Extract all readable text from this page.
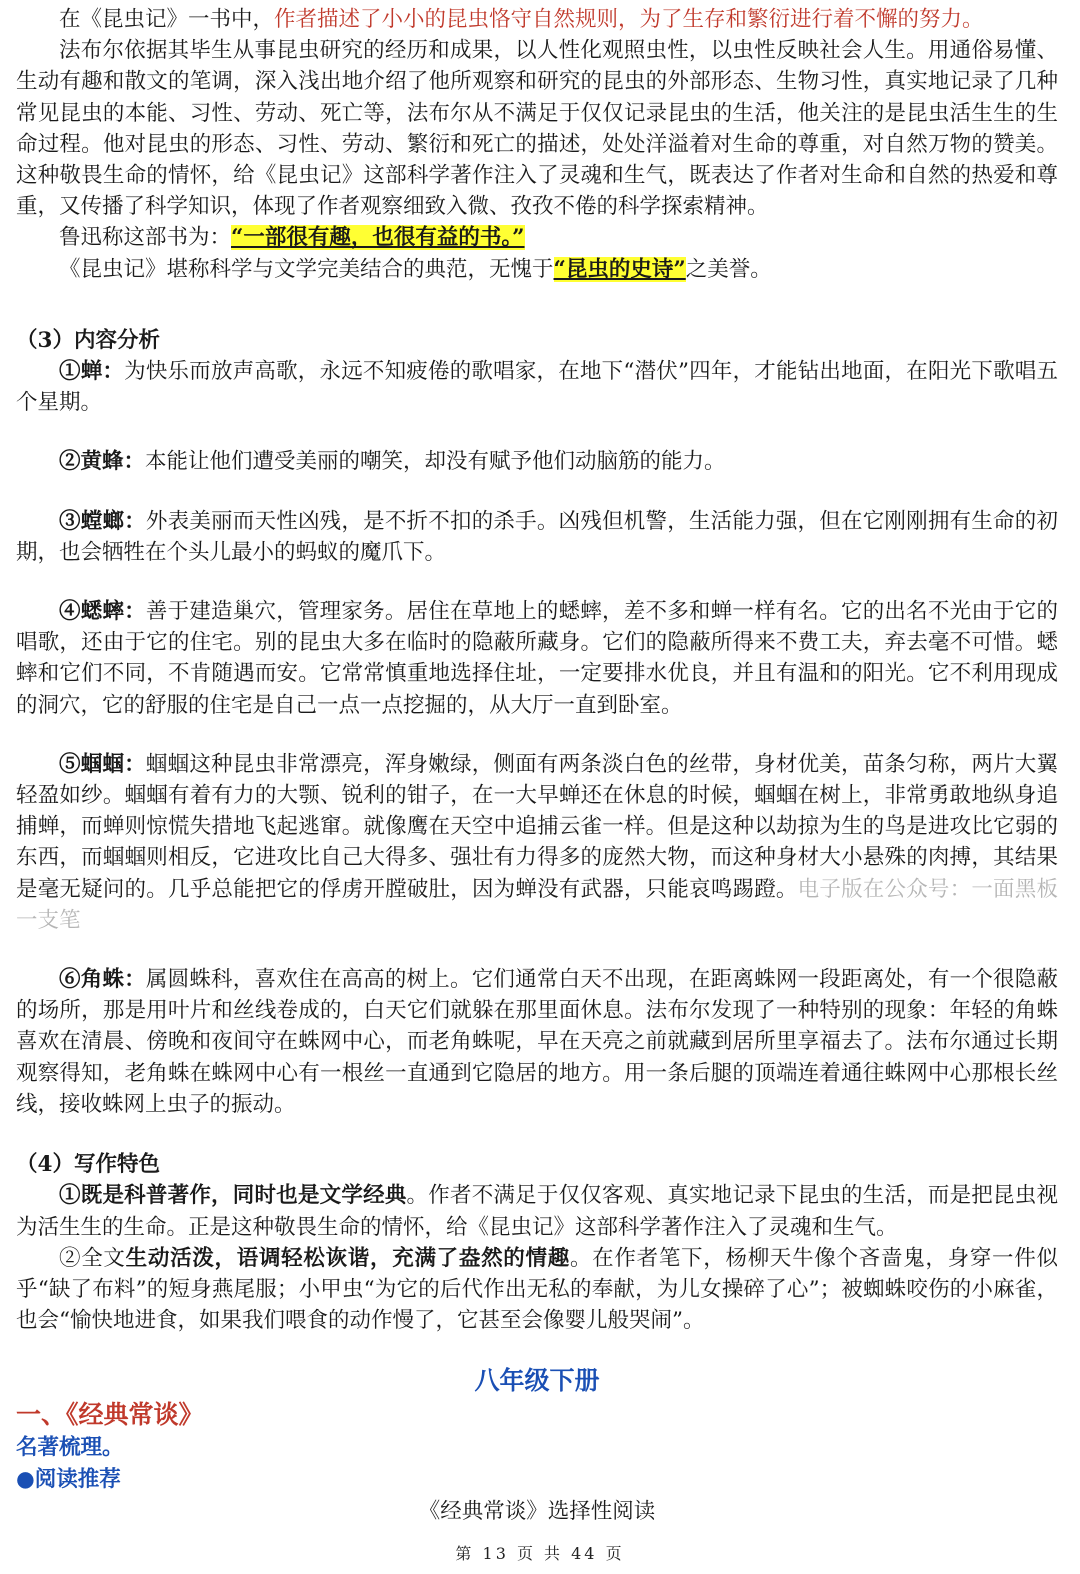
在《昆虫记》一书中，作者描述了小小的昆虫恪守自然规则，为了生存和繁衍进行着不懈的努力。

法布尔依据其毕生从事昆虫研究的经历和成果，以人性化观照虫性，以虫性反映社会人生。用通俗易懂、生动有趣和散文的笔调，深入浅出地介绍了他所观察和研究的昆虫的外部形态、生物习性，真实地记录了几种常见昆虫的本能、习性、劳动、死亡等，法布尔从不满足于仅仅记录昆虫的生活，他关注的是昆虫活生生的生命过程。他对昆虫的形态、习性、劳动、繁衍和死亡的描述，处处洋溢着对生命的尊重，对自然万物的赞美。这种敬畏生命的情怀，给《昆虫记》这部科学著作注入了灵魂和生气，既表达了作者对生命和自然的热爱和尊重，又传播了科学知识，体现了作者观察细致入微、孜孜不倦的科学探索精神。

鲁迅称这部书为：“一部很有趣，也很有益的书。”

《昆虫记》堪称科学与文学完美结合的典范，无愧于“昆虫的史诗”之美誉。

（3）内容分析

①蝉：为快乐而放声高歌，永远不知疲倦的歌唱家，在地下“潜伏”四年，才能钻出地面，在阳光下歌唱五个星期。

②黄蜂：本能让他们遭受美丽的嘲笑，却没有赋予他们动脑筋的能力。

③螳螂：外表美丽而天性凶残，是不折不扣的杀手。凶残但机警，生活能力强，但在它刚刚拥有生命的初期，也会牺牲在个头儿最小的蚂蚁的魔爪下。

④蟋蟀：善于建造巢穴，管理家务。居住在草地上的蟋蟀，差不多和蝉一样有名。它的出名不光由于它的唱歌，还由于它的住宅。别的昆虫大多在临时的隐蔽所藏身。它们的隐蔽所得来不费工夫，弃去毫不可惜。蟋蟀和它们不同，不肯随遇而安。它常常慎重地选择住址，一定要排水优良，并且有温和的阳光。它不利用现成的洞穴，它的舒服的住宅是自己一点一点挖掘的，从大厅一直到卧室。

⑤蝈蝈：蝈蝈这种昆虫非常漂亮，浑身嫩绿，侧面有两条淡白色的丝带，身材优美，苗条匀称，两片大翼轻盈如纱。蝈蝈有着有力的大颚、锐利的钳子，在一大早蝉还在休息的时候，蝈蝈在树上，非常勇敢地纵身追捕蝉，而蝉则惊慌失措地飞起逃窜。就像鹰在天空中追捕云雀一样。但是这种以劫掠为生的鸟是进攻比它弱的东西，而蝈蝈则相反，它进攻比自己大得多、强壮有力得多的庞然大物，而这种身材大小悬殊的肉搏，其结果是毫无疑问的。几乎总能把它的俘虏开膛破肚，因为蝉没有武器，只能哀鸣踢蹬。电子版在公众号：一面黑板一支笔

⑥角蛛：属圆蛛科，喜欢住在高高的树上。它们通常白天不出现，在距离蛛网一段距离处，有一个很隐蔽的场所，那是用叶片和丝线卷成的，白天它们就躲在那里面休息。法布尔发现了一种特别的现象：年轻的角蛛喜欢在清晨、傍晚和夜间守在蛛网中心，而老角蛛呢，早在天亮之前就藏到居所里享福去了。法布尔通过长期观察得知，老角蛛在蛛网中心有一根丝一直通到它隐居的地方。用一条后腿的顶端连着通往蛛网中心那根长丝线，接收蛛网上虫子的振动。

（4）写作特色

①既是科普著作，同时也是文学经典。作者不满足于仅仅客观、真实地记录下昆虫的生活，而是把昆虫视为活生生的生命。正是这种敬畏生命的情怀，给《昆虫记》这部科学著作注入了灵魂和生气。

②全文生动活泼，语调轻松诙谐，充满了盎然的情趣。在作者笔下，杨柳天牛像个吝啬鬼，身穿一件似乎“缺了布料”的短身燕尾服；小甲虫“为它的后代作出无私的奉献，为儿女操碎了心”；被蜘蛛咬伤的小麻雀，也会“愉快地进食，如果我们喂食的动作慢了，它甚至会像婴儿般哭闹”。

八年级下册
一、《经典常谈》
名著梳理。
●阅读推荐
《经典常谈》选择性阅读
第 13 页 共 44 页
